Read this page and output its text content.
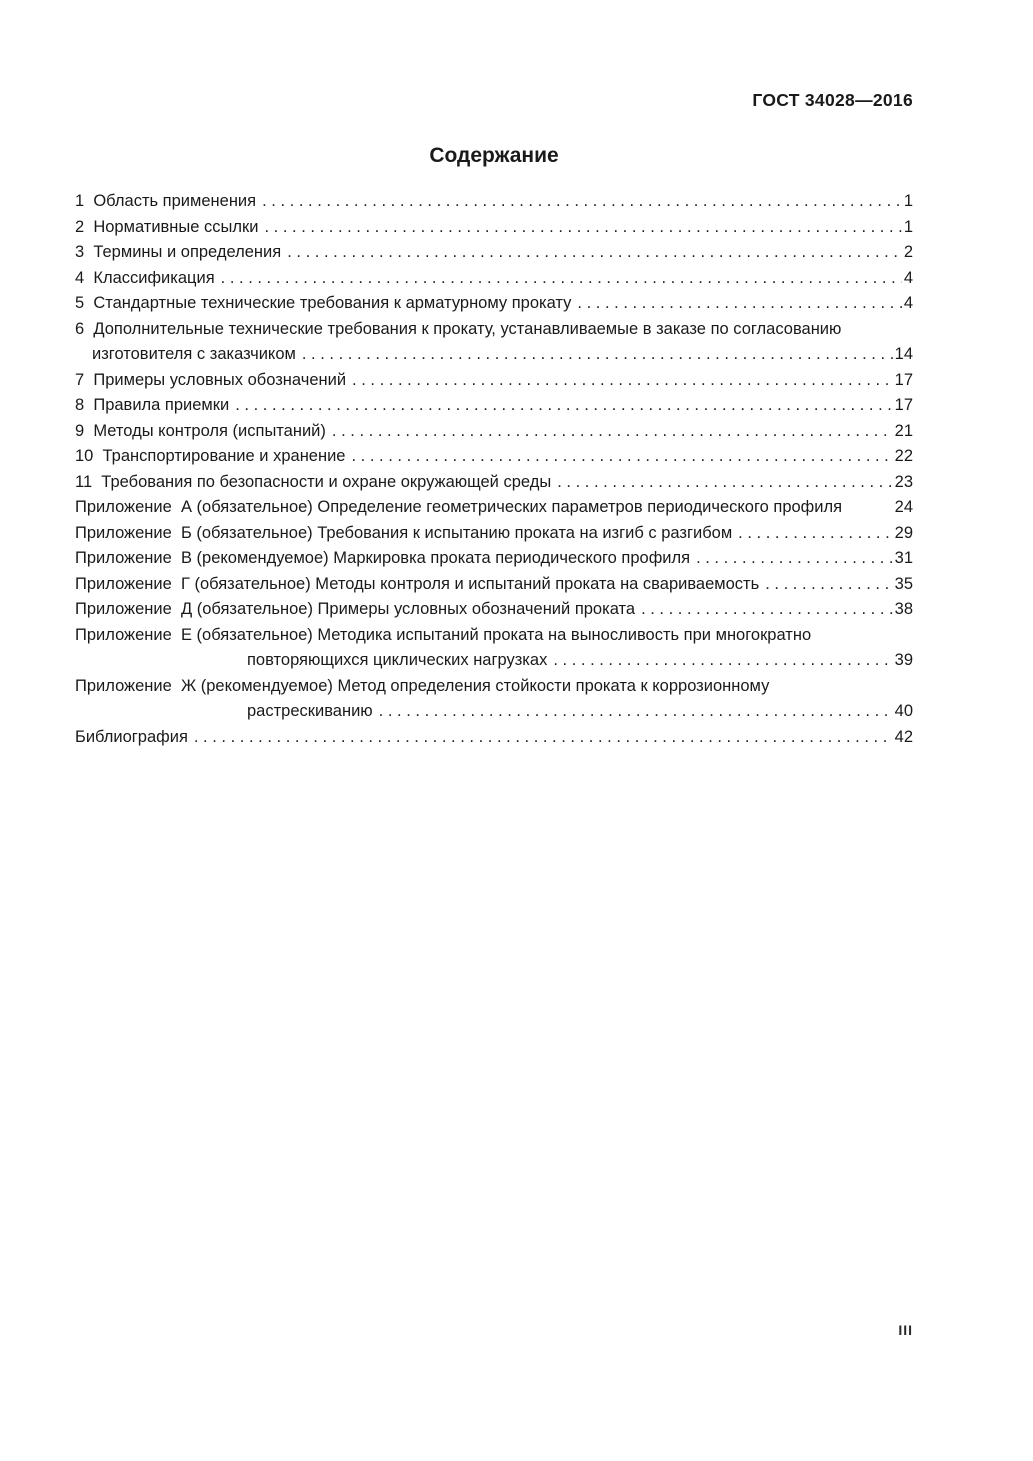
ГОСТ 34028—2016
Содержание
1  Область применения .....	1
2  Нормативные ссылки .....	1
3  Термины и определения .....	2
4  Классификация .....	4
5  Стандартные технические требования к арматурному прокату .....	4
6  Дополнительные технические требования к прокату, устанавливаемые в заказе по согласованию
изготовителя с заказчиком .....	14
7  Примеры условных обозначений .....	17
8  Правила приемки .....	17
9  Методы контроля (испытаний) .....	21
10  Транспортирование и хранение .....	22
11  Требования по безопасности и охране окружающей среды .....	23
Приложение  А (обязательное) Определение геометрических параметров периодического профиля	24
Приложение  Б (обязательное) Требования к испытанию проката на изгиб с разгибом .....	29
Приложение  В (рекомендуемое) Маркировка проката периодического профиля .....	31
Приложение  Г (обязательное) Методы контроля и испытаний проката на свариваемость .....	35
Приложение  Д (обязательное) Примеры условных обозначений проката .....	38
Приложение  Е (обязательное) Методика испытаний проката на выносливость при многократно
повторяющихся циклических нагрузках .....	39
Приложение  Ж (рекомендуемое) Метод определения стойкости проката к коррозионному
растрескиванию .....	40
Библиография .....	42
III
